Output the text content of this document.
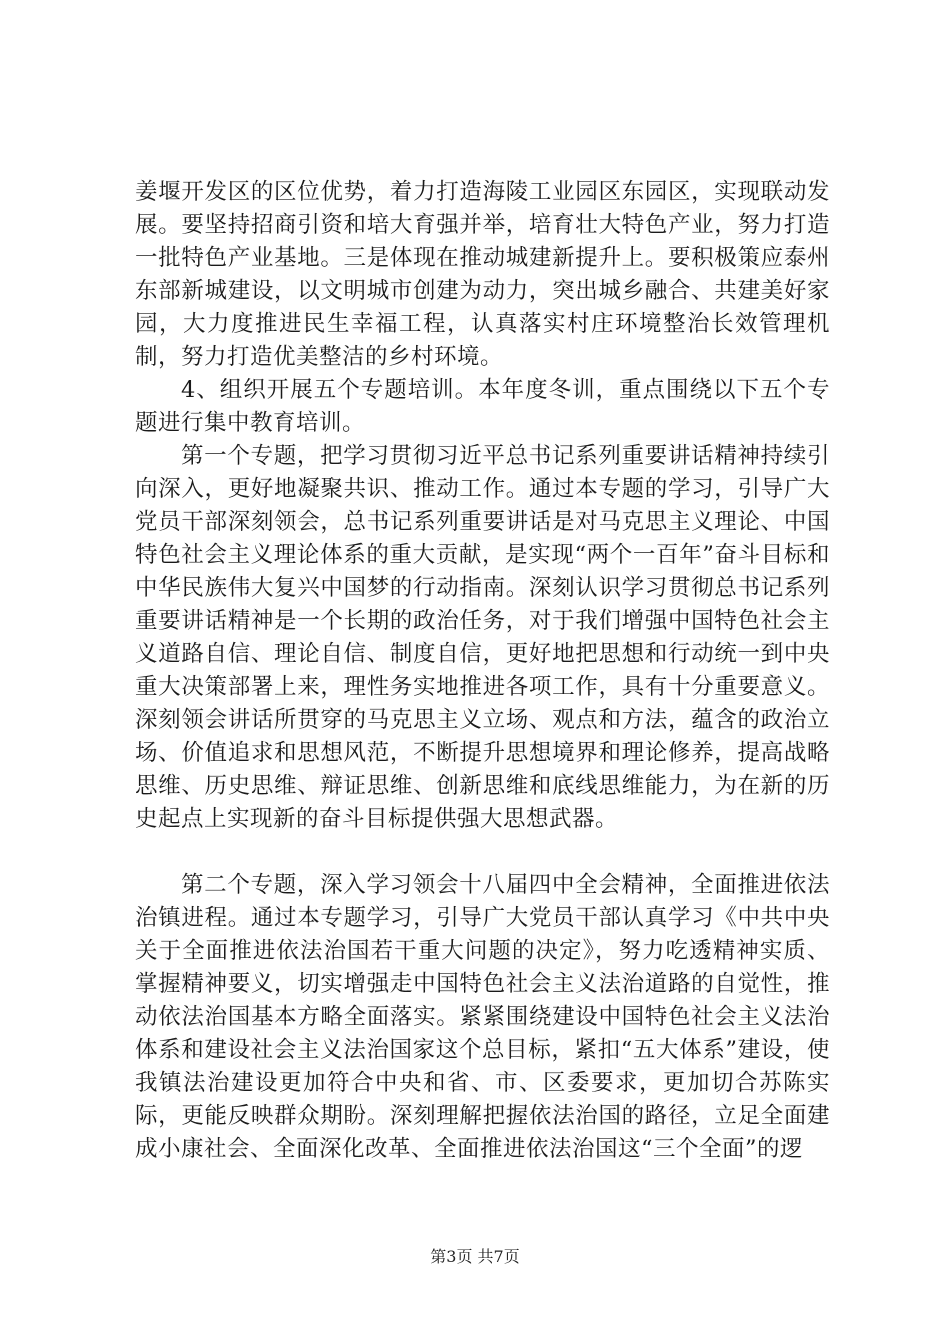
姜堰开发区的区位优势，着力打造海陵工业园区东园区，实现联动发展。要坚持招商引资和培大育强并举，培育壮大特色产业，努力打造一批特色产业基地。三是体现在推动城建新提升上。要积极策应泰州东部新城建设，以文明城市创建为动力，突出城乡融合、共建美好家园，大力度推进民生幸福工程，认真落实村庄环境整治长效管理机制，努力打造优美整洁的乡村环境。

4、组织开展五个专题培训。本年度冬训，重点围绕以下五个专题进行集中教育培训。

第一个专题，把学习贯彻习近平总书记系列重要讲话精神持续引向深入，更好地凝聚共识、推动工作。通过本专题的学习，引导广大党员干部深刻领会，总书记系列重要讲话是对马克思主义理论、中国特色社会主义理论体系的重大贡献，是实现“两个一百年”奋斗目标和中华民族伟大复兴中国梦的行动指南。深刻认识学习贯彻总书记系列重要讲话精神是一个长期的政治任务，对于我们增强中国特色社会主义道路自信、理论自信、制度自信，更好地把思想和行动统一到中央重大决策部署上来，理性务实地推进各项工作，具有十分重要意义。深刻领会讲话所贯穿的马克思主义立场、观点和方法，蕴含的政治立场、价值追求和思想风范，不断提升思想境界和理论修养，提高战略思维、历史思维、辩证思维、创新思维和底线思维能力，为在新的历史起点上实现新的奋斗目标提供强大思想武器。

第二个专题，深入学习领会十八届四中全会精神，全面推进依法治镇进程。通过本专题学习，引导广大党员干部认真学习《中共中央关于全面推进依法治国若干重大问题的决定》，努力吃透精神实质、掌握精神要义，切实增强走中国特色社会主义法治道路的自觉性，推动依法治国基本方略全面落实。紧紧围绕建设中国特色社会主义法治体系和建设社会主义法治国家这个总目标，紧扣“五大体系”建设，使我镇法治建设更加符合中央和省、市、区委要求，更加切合苏陈实际，更能反映群众期盼。深刻理解把握依法治国的路径，立足全面建成小康社会、全面深化改革、全面推进依法治国这“三个全面”的逻

第3页 共7页
